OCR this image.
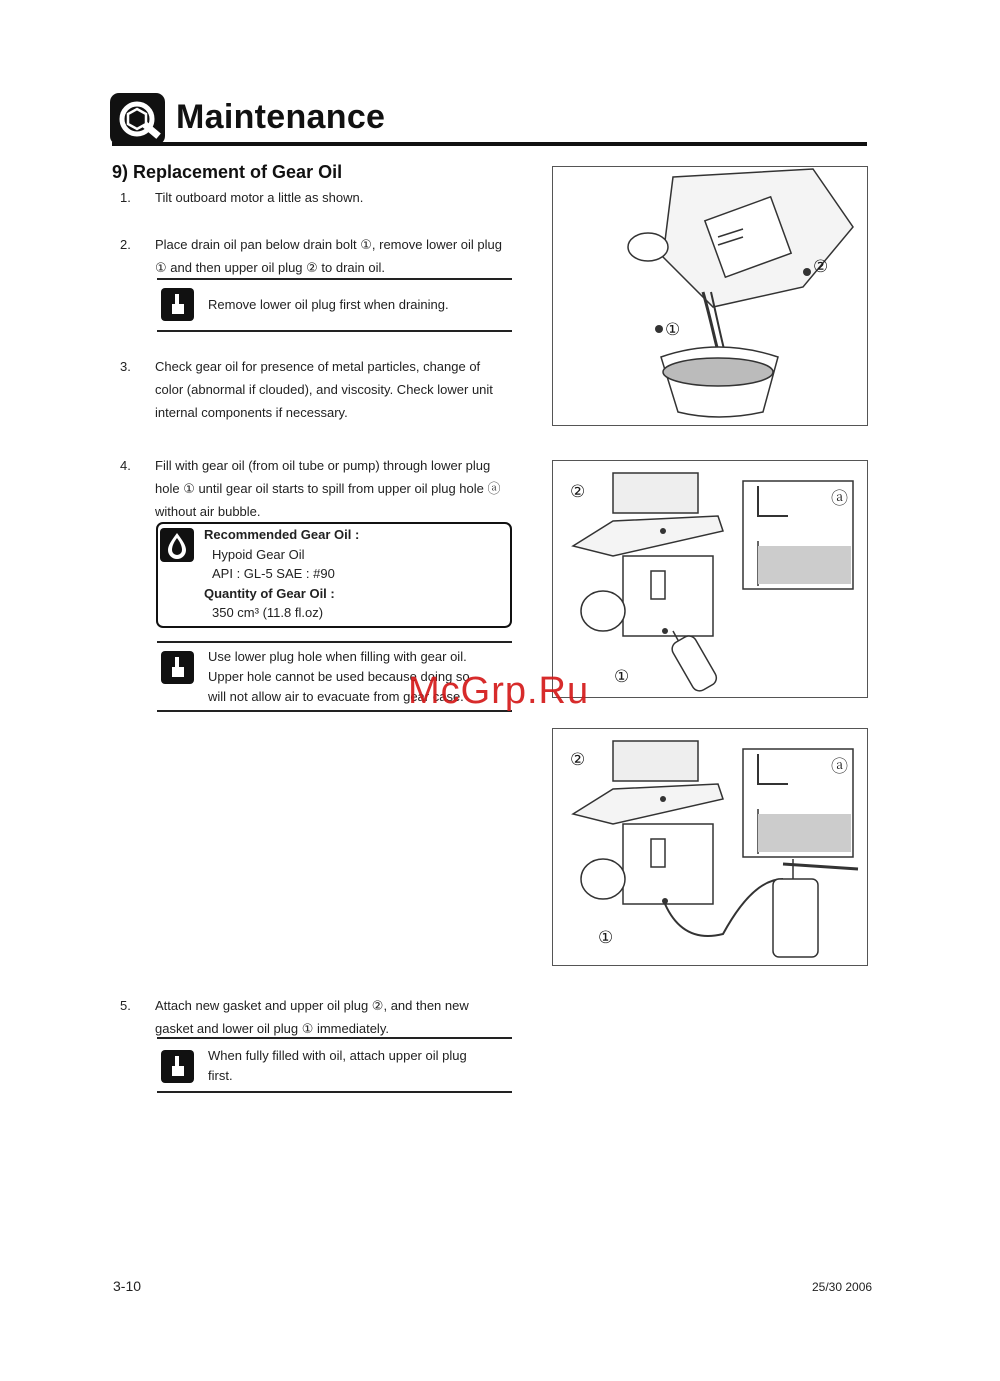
Maintenance
9) Replacement of Gear Oil
1. Tilt outboard motor a little as shown.
2. Place drain oil pan below drain bolt ①, remove lower oil plug
① and then upper oil plug ② to drain oil.
Remove lower oil plug first when draining.
3. Check gear oil for presence of metal particles, change of
color (abnormal if clouded), and viscosity. Check lower unit
internal components if necessary.
4. Fill with gear oil (from oil tube or pump) through lower plug
hole ① until gear oil starts to spill from upper oil plug hole ⓐ
without air bubble.
Recommended Gear Oil :
Hypoid Gear Oil
API : GL-5 SAE : #90
Quantity of Gear Oil :
350 cm³ (11.8 fl.oz)
Use lower plug hole when filling with gear oil.
Upper hole cannot be used because doing so
will not allow air to evacuate from gear case.
5. Attach new gasket and upper oil plug ②, and then new
gasket and lower oil plug ① immediately.
When fully filled with oil, attach upper oil plug
first.
②
①
②
①
ⓐ
②
①
ⓐ
McGrp.Ru
3-10	25/30 2006
